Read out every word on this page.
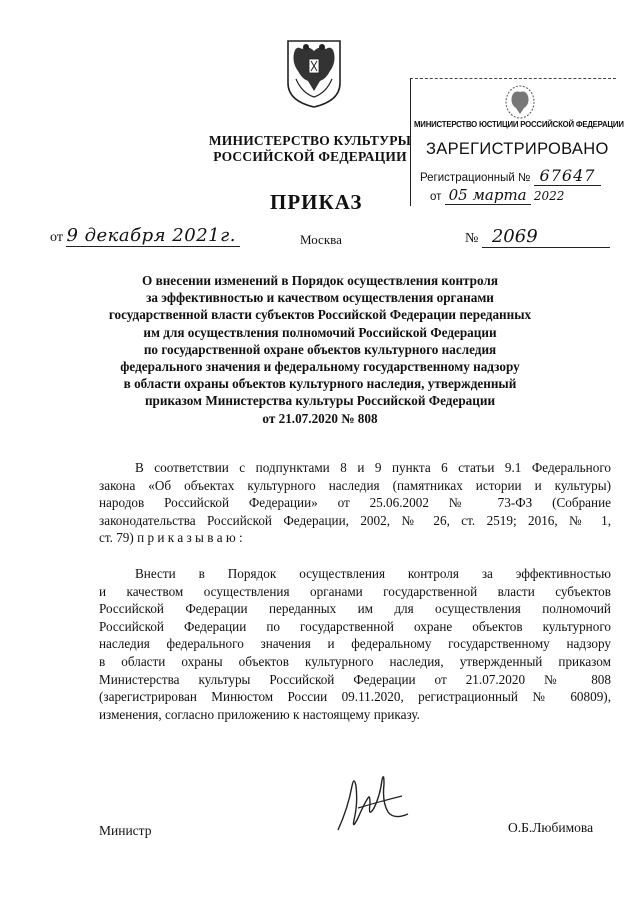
МИНИСТЕРСТВО КУЛЬТУРЫ
РОССИЙСКОЙ ФЕДЕРАЦИИ
МИНИСТЕРСТВО ЮСТИЦИИ РОССИЙСКОЙ ФЕДЕРАЦИИ
ЗАРЕГИСТРИРОВАНО
Регистрационный № 67647
от 05 марта 2022
ПРИКАЗ
от 9 декабря 2021г.	Москва	№ 2069
О внесении изменений в Порядок осуществления контроля
за эффективностью и качеством осуществления органами
государственной власти субъектов Российской Федерации переданных
им для осуществления полномочий Российской Федерации
по государственной охране объектов культурного наследия
федерального значения и федеральному государственному надзору
в области охраны объектов культурного наследия, утвержденный
приказом Министерства культуры Российской Федерации
от 21.07.2020 № 808
В соответствии с подпунктами 8 и 9 пункта 6 статьи 9.1 Федерального
закона «Об объектах культурного наследия (памятниках истории и культуры)
народов Российской Федерации» от 25.06.2002 № 73-ФЗ (Собрание
законодательства Российской Федерации, 2002, № 26, ст. 2519; 2016, № 1,
ст. 79) п р и к а з ы в а ю :
Внести в Порядок осуществления контроля за эффективностью
и качеством осуществления органами государственной власти субъектов
Российской Федерации переданных им для осуществления полномочий
Российской Федерации по государственной охране объектов культурного
наследия федерального значения и федеральному государственному надзору
в области охраны объектов культурного наследия, утвержденный приказом
Министерства культуры Российской Федерации от 21.07.2020 № 808
(зарегистрирован Минюстом России 09.11.2020, регистрационный № 60809),
изменения, согласно приложению к настоящему приказу.
Министр	О.Б.Любимова
